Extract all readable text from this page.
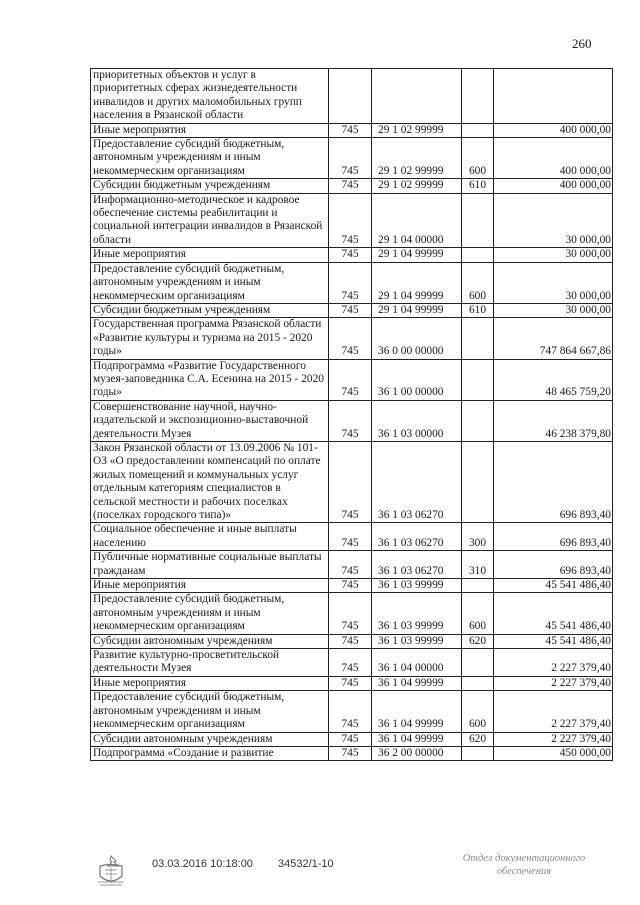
260
приоритетных объектов и услуг в приоритетных сферах жизнедеятельности инвалидов и других маломобильных групп населения в Рязанской области				
Иные мероприятия	745	29 1 02 99999		400 000,00
Предоставление субсидий бюджетным, автономным учреждениям и иным некоммерческим организациям	745	29 1 02 99999	600	400 000,00
Субсидии бюджетным учреждениям	745	29 1 02 99999	610	400 000,00
Информационно-методическое и кадровое обеспечение системы реабилитации и социальной интеграции инвалидов в Рязанской области	745	29 1 04 00000		30 000,00
Иные мероприятия	745	29 1 04 99999		30 000,00
Предоставление субсидий бюджетным, автономным учреждениям и иным некоммерческим организациям	745	29 1 04 99999	600	30 000,00
Субсидии бюджетным учреждениям	745	29 1 04 99999	610	30 000,00
Государственная программа Рязанской области «Развитие культуры и туризма на 2015 - 2020 годы»	745	36 0 00 00000		747 864 667,86
Подпрограмма «Развитие Государственного музея-заповедника С.А. Есенина на 2015 - 2020 годы»	745	36 1 00 00000		48 465 759,20
Совершенствование научной, научно-издательской и экспозиционно-выставочной деятельности Музея	745	36 1 03 00000		46 238 379,80
Закон Рязанской области от 13.09.2006 № 101-ОЗ «О предоставлении компенсаций по оплате жилых помещений и коммунальных услуг отдельным категориям специалистов в сельской местности и рабочих поселках (поселках городского типа)»	745	36 1 03 06270		696 893,40
Социальное обеспечение и иные выплаты населению	745	36 1 03 06270	300	696 893,40
Публичные нормативные социальные выплаты гражданам	745	36 1 03 06270	310	696 893,40
Иные мероприятия	745	36 1 03 99999		45 541 486,40
Предоставление субсидий бюджетным, автономным учреждениям и иным некоммерческим организациям	745	36 1 03 99999	600	45 541 486,40
Субсидии автономным учреждениям	745	36 1 03 99999	620	45 541 486,40
Развитие культурно-просветительской деятельности Музея	745	36 1 04 00000		2 227 379,40
Иные мероприятия	745	36 1 04 99999		2 227 379,40
Предоставление субсидий бюджетным, автономным учреждениям и иным некоммерческим организациям	745	36 1 04 99999	600	2 227 379,40
Субсидии автономным учреждениям	745	36 1 04 99999	620	2 227 379,40
Подпрограмма «Создание и развитие	745	36 2 00 00000		450 000,00
03.03.2016 10:18:00 34532/1-10	Отдел документационного
обеспечения
